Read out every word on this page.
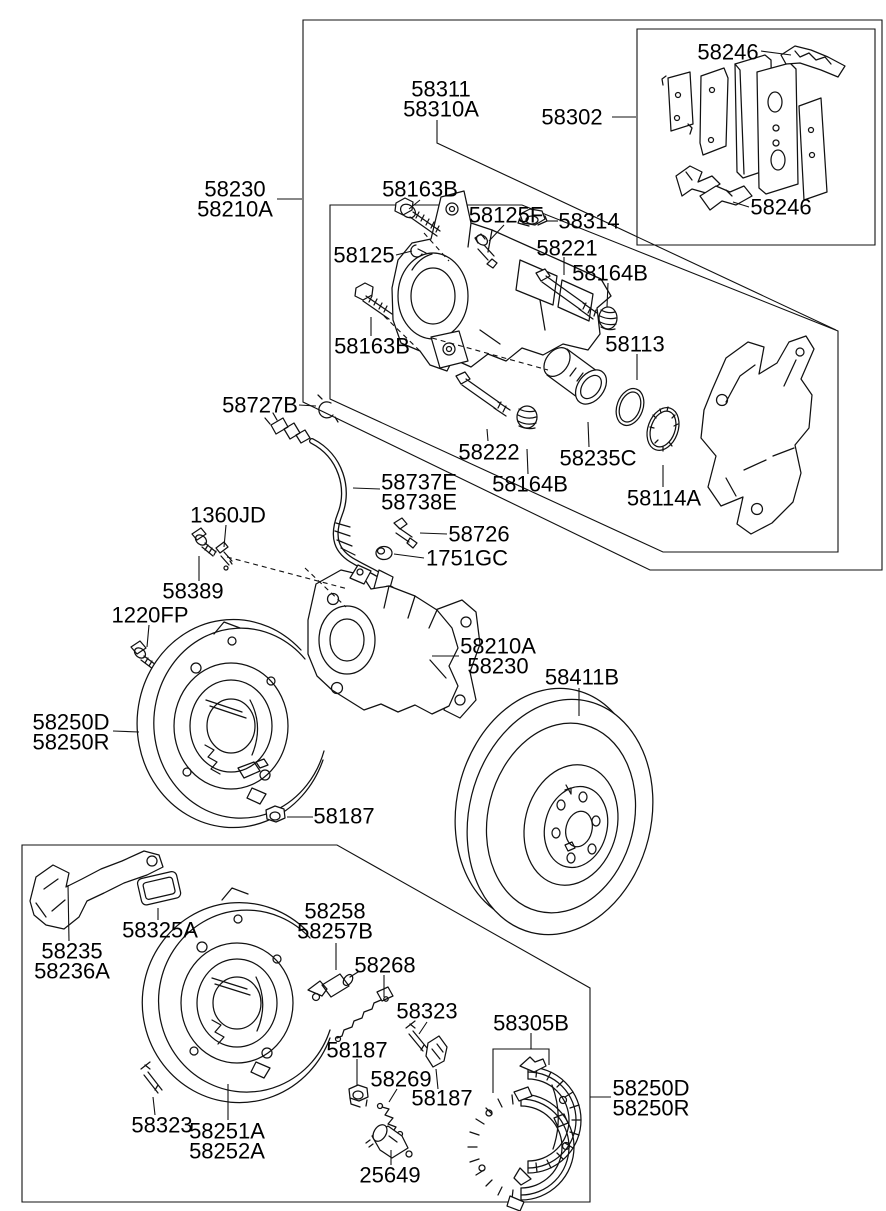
58311 58310A	58302
58246
58246
58230 58210A
58163B
58125F 58314
58125	58221
58164B
58163B	58113
58222
58164B
58235C
58114A
58727B
58737E 58738E
1360JD
58726
1751GC
58389
1220FP
58250D 58250R
58210A 58230 58411B
58187
58235 58236A
58325A
58258 58257B
58268
58323 58305B
58187
58269
58187
58323
58251A 58252A
25649
58250D 58250R
